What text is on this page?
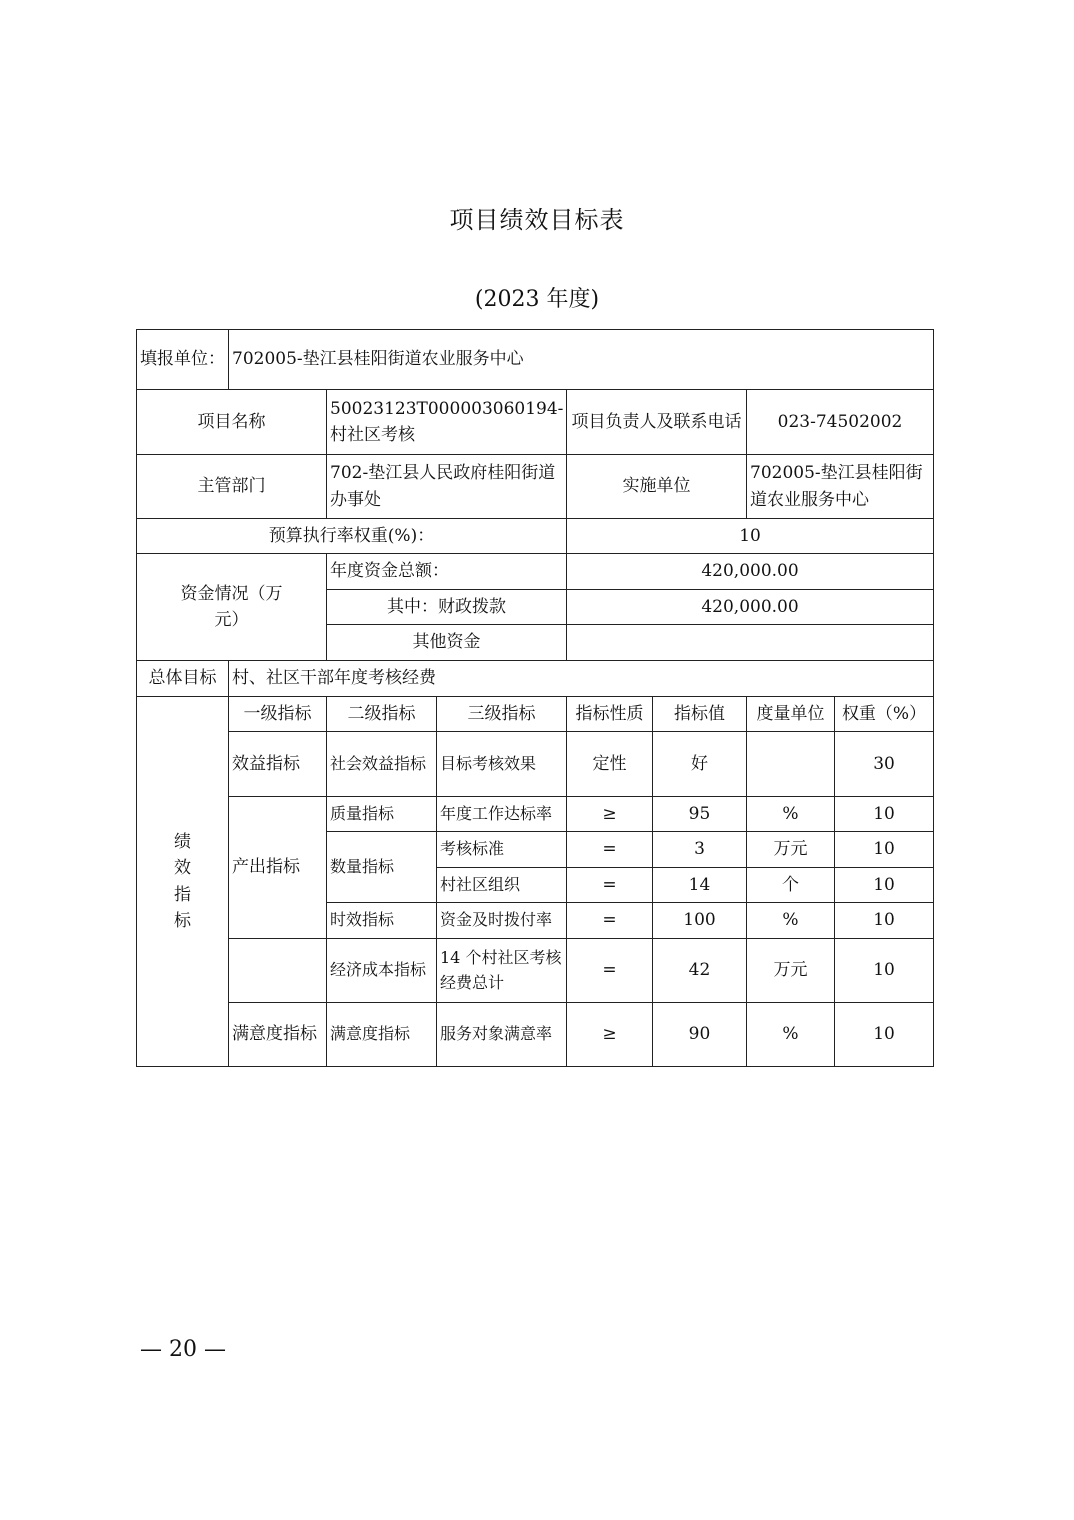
项目绩效目标表
(2023 年度)
填报单位：	702005-垫江县桂阳街道农业服务中心						
项目名称		50023123T000003060194-村社区考核		项目负责人及联系电话		023-74502002	
主管部门		702-垫江县人民政府桂阳街道办事处		实施单位		702005-垫江县桂阳街道农业服务中心	
预算执行率权重(%)：				10			
资金情况（万元）		年度资金总额：		420,000.00			
		其中：财政拨款		420,000.00			
		其他资金					
总体目标	村、社区干部年度考核经费						
绩效指标	一级指标	二级指标	三级指标	指标性质	指标值	度量单位	权重（%）
	效益指标	社会效益指标	目标考核效果	定性	好		30
	产出指标	质量指标	年度工作达标率	≥	95	%	10
		数量指标	考核标准	=	3	万元	10
			村社区组织	=	14	个	10
		时效指标	资金及时拨付率	=	100	%	10
		经济成本指标	14 个村社区考核经费总计	=	42	万元	10
	满意度指标	满意度指标	服务对象满意率	≥	90	%	10
— 20 —
